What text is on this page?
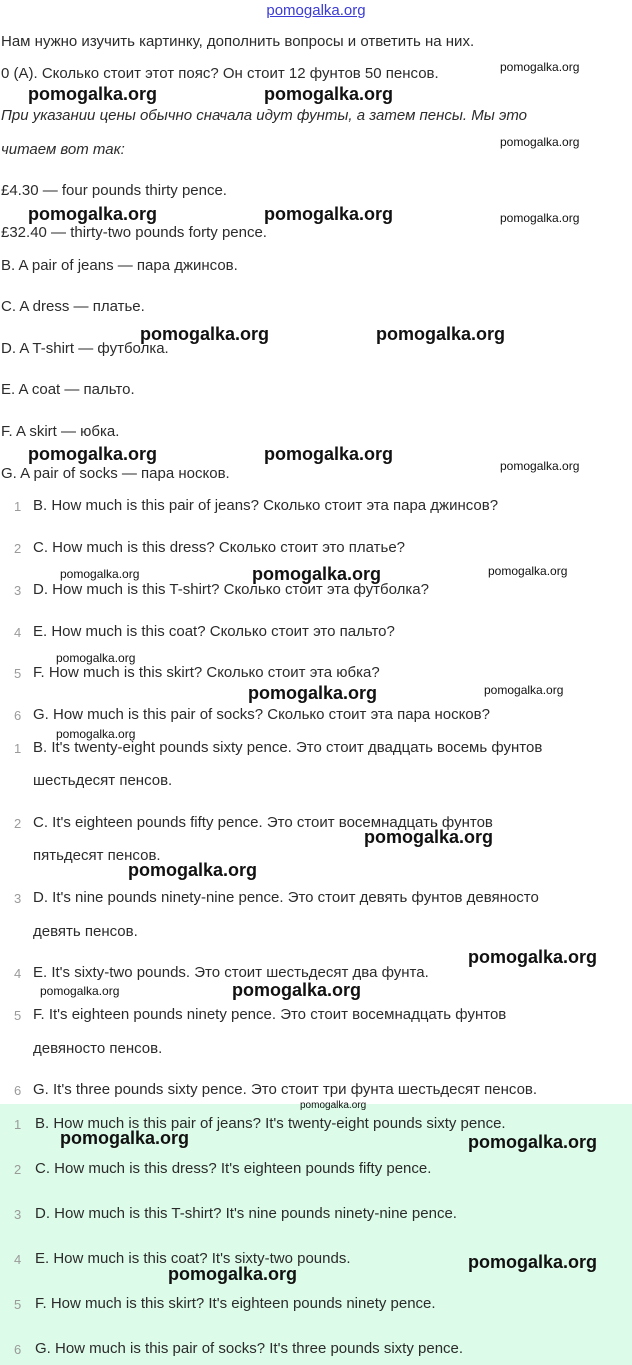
pomogalka.org
Нам нужно изучить картинку, дополнить вопросы и ответить на них.
0 (A). Сколько стоит этот пояс? Он стоит 12 фунтов 50 пенсов.
При указании цены обычно сначала идут фунты, а затем пенсы. Мы это
читаем вот так:
£4.30 — four pounds thirty pence.
£32.40 — thirty-two pounds forty pence.
B. A pair of jeans — пара джинсов.
C. A dress — платье.
D. A T-shirt — футболка.
E. A coat — пальто.
F. A skirt — юбка.
G. A pair of socks — пара носков.
1 B. How much is this pair of jeans? Сколько стоит эта пара джинсов?
2 C. How much is this dress? Сколько стоит это платье?
3 D. How much is this T-shirt? Сколько стоит эта футболка?
4 E. How much is this coat? Сколько стоит это пальто?
5 F. How much is this skirt? Сколько стоит эта юбка?
6 G. How much is this pair of socks? Сколько стоит эта пара носков?
1 B. It's twenty-eight pounds sixty pence. Это стоит двадцать восемь фунтов
шестьдесят пенсов.
2 C. It's eighteen pounds fifty pence. Это стоит восемнадцать фунтов
пятьдесят пенсов.
3 D. It's nine pounds ninety-nine pence. Это стоит девять фунтов девяносто
девять пенсов.
4 E. It's sixty-two pounds. Это стоит шестьдесят два фунта.
5 F. It's eighteen pounds ninety pence. Это стоит восемнадцать фунтов
девяносто пенсов.
6 G. It's three pounds sixty pence. Это стоит три фунта шестьдесят пенсов.
1 B. How much is this pair of jeans? It's twenty-eight pounds sixty pence.
2 C. How much is this dress? It's eighteen pounds fifty pence.
3 D. How much is this T-shirt? It's nine pounds ninety-nine pence.
4 E. How much is this coat? It's sixty-two pounds.
5 F. How much is this skirt? It's eighteen pounds ninety pence.
6 G. How much is this pair of socks? It's three pounds sixty pence.
pomogalka.org
pomogalka.org	pomogalka.org
pomogalka.org
pomogalka.org	pomogalka.org	pomogalka.org
pomogalka.org	pomogalka.org
pomogalka.org	pomogalka.org
pomogalka.org
pomogalka.org	pomogalka.org	pomogalka.org
pomogalka.org
pomogalka.org	pomogalka.org
pomogalka.org
pomogalka.org
pomogalka.org
pomogalka.org
pomogalka.org	pomogalka.org
pomogalka.org
pomogalka.org	pomogalka.org
pomogalka.org
pomogalka.org
